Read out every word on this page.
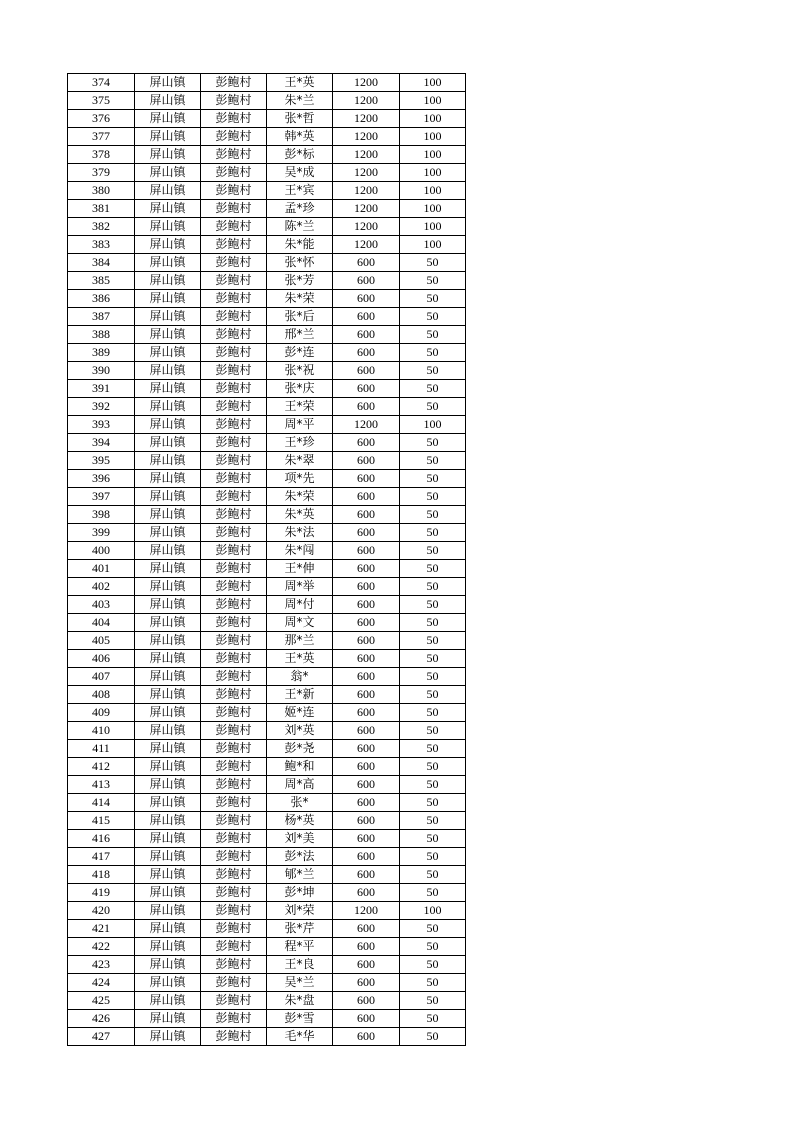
374	屏山镇	彭鲍村	王*英	1200	100
375	屏山镇	彭鲍村	朱*兰	1200	100
376	屏山镇	彭鲍村	张*哲	1200	100
377	屏山镇	彭鲍村	韩*英	1200	100
378	屏山镇	彭鲍村	彭*标	1200	100
379	屏山镇	彭鲍村	吴*成	1200	100
380	屏山镇	彭鲍村	王*宾	1200	100
381	屏山镇	彭鲍村	孟*珍	1200	100
382	屏山镇	彭鲍村	陈*兰	1200	100
383	屏山镇	彭鲍村	朱*能	1200	100
384	屏山镇	彭鲍村	张*怀	600	50
385	屏山镇	彭鲍村	张*芳	600	50
386	屏山镇	彭鲍村	朱*荣	600	50
387	屏山镇	彭鲍村	张*后	600	50
388	屏山镇	彭鲍村	邢*兰	600	50
389	屏山镇	彭鲍村	彭*连	600	50
390	屏山镇	彭鲍村	张*祝	600	50
391	屏山镇	彭鲍村	张*庆	600	50
392	屏山镇	彭鲍村	王*荣	600	50
393	屏山镇	彭鲍村	周*平	1200	100
394	屏山镇	彭鲍村	王*珍	600	50
395	屏山镇	彭鲍村	朱*翠	600	50
396	屏山镇	彭鲍村	项*先	600	50
397	屏山镇	彭鲍村	朱*荣	600	50
398	屏山镇	彭鲍村	朱*英	600	50
399	屏山镇	彭鲍村	朱*法	600	50
400	屏山镇	彭鲍村	朱*闯	600	50
401	屏山镇	彭鲍村	王*伸	600	50
402	屏山镇	彭鲍村	周*举	600	50
403	屏山镇	彭鲍村	周*付	600	50
404	屏山镇	彭鲍村	周*文	600	50
405	屏山镇	彭鲍村	那*兰	600	50
406	屏山镇	彭鲍村	王*英	600	50
407	屏山镇	彭鲍村	翁*	600	50
408	屏山镇	彭鲍村	王*新	600	50
409	屏山镇	彭鲍村	姬*连	600	50
410	屏山镇	彭鲍村	刘*英	600	50
411	屏山镇	彭鲍村	彭*尧	600	50
412	屏山镇	彭鲍村	鲍*和	600	50
413	屏山镇	彭鲍村	周*高	600	50
414	屏山镇	彭鲍村	张*	600	50
415	屏山镇	彭鲍村	杨*英	600	50
416	屏山镇	彭鲍村	刘*美	600	50
417	屏山镇	彭鲍村	彭*法	600	50
418	屏山镇	彭鲍村	郇*兰	600	50
419	屏山镇	彭鲍村	彭*坤	600	50
420	屏山镇	彭鲍村	刘*荣	1200	100
421	屏山镇	彭鲍村	张*芹	600	50
422	屏山镇	彭鲍村	程*平	600	50
423	屏山镇	彭鲍村	王*良	600	50
424	屏山镇	彭鲍村	吴*兰	600	50
425	屏山镇	彭鲍村	朱*盘	600	50
426	屏山镇	彭鲍村	彭*雪	600	50
427	屏山镇	彭鲍村	毛*华	600	50
